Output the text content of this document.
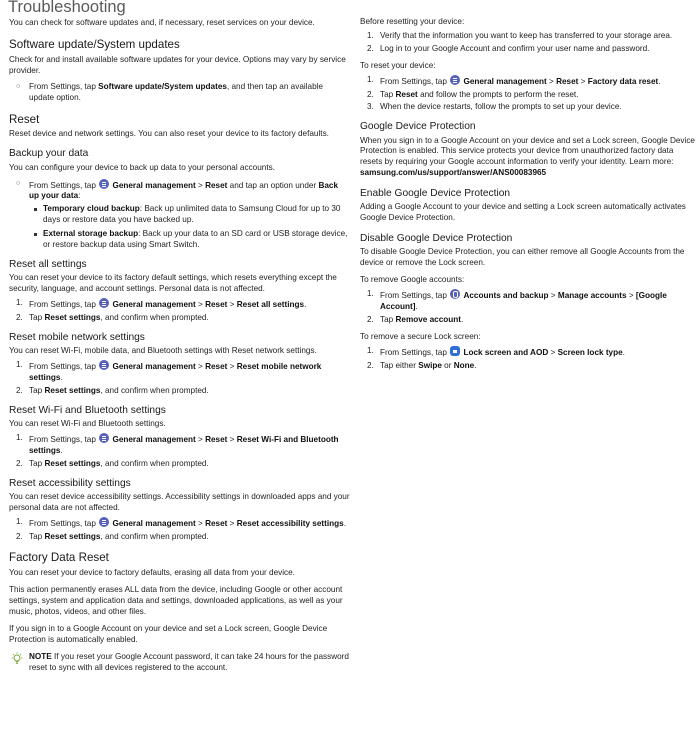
Troubleshooting

You can check for software updates and, if necessary, reset services on your device.

Software update/System updates

Check for and install available software updates for your device. Options may vary by service provider.

○ From Settings, tap Software update/System updates, and then tap an available update option.
Reset

Reset device and network settings. You can also reset your device to its factory defaults.

Backup your data

You can configure your device to back up data to your personal accounts.

○ From Settings, tap  General management > Reset and tap an option under Back up your data:
Temporary cloud backup: Back up unlimited data to Samsung Cloud for up to 30 days or restore data you have backed up.
External storage backup: Back up your data to an SD card or USB storage device, or restore backup data using Smart Switch.
Reset all settings

You can reset your device to its factory default settings, which resets everything except the security, language, and account settings. Personal data is not affected.

1. From Settings, tap  General management > Reset > Reset all settings.
2. Tap Reset settings, and confirm when prompted.
Reset mobile network settings

You can reset Wi-Fi, mobile data, and Bluetooth settings with Reset network settings.

1. From Settings, tap  General management > Reset > Reset mobile network settings.
2. Tap Reset settings, and confirm when prompted.
Reset Wi-Fi and Bluetooth settings

You can reset Wi-Fi and Bluetooth settings.

1. From Settings, tap  General management > Reset > Reset Wi-Fi and Bluetooth settings.
2. Tap Reset settings, and confirm when prompted.
Reset accessibility settings

You can reset device accessibility settings. Accessibility settings in downloaded apps and your personal data are not affected.

1. From Settings, tap  General management > Reset > Reset accessibility settings.
2. Tap Reset settings, and confirm when prompted.
Factory Data Reset

You can reset your device to factory defaults, erasing all data from your device.

This action permanently erases ALL data from the device, including Google or other account settings, system and application data and settings, downloaded applications, as well as your music, photos, videos, and other files.

If you sign in to a Google Account on your device and set a Lock screen, Google Device Protection is automatically enabled.

NOTE If you reset your Google Account password, it can take 24 hours for the password reset to sync with all devices registered to the account.

Before resetting your device:

1. Verify that the information you want to keep has transferred to your storage area.
2. Log in to your Google Account and confirm your user name and password.

To reset your device:

1. From Settings, tap  General management > Reset > Factory data reset.
2. Tap Reset and follow the prompts to perform the reset.
3. When the device restarts, follow the prompts to set up your device.
Google Device Protection

When you sign in to a Google Account on your device and set a Lock screen, Google Device Protection is enabled. This service protects your device from unauthorized factory data resets by requiring your Google account information to verify your identity. Learn more: samsung.com/us/support/answer/ANS00083965

Enable Google Device Protection

Adding a Google Account to your device and setting a Lock screen automatically activates Google Device Protection.

Disable Google Device Protection

To disable Google Device Protection, you can either remove all Google Accounts from the device or remove the Lock screen.

To remove Google accounts:

1. From Settings, tap  Accounts and backup > Manage accounts > [Google Account].
2. Tap Remove account.

To remove a secure Lock screen:

1. From Settings, tap  Lock screen and AOD > Screen lock type.
2. Tap either Swipe or None.
